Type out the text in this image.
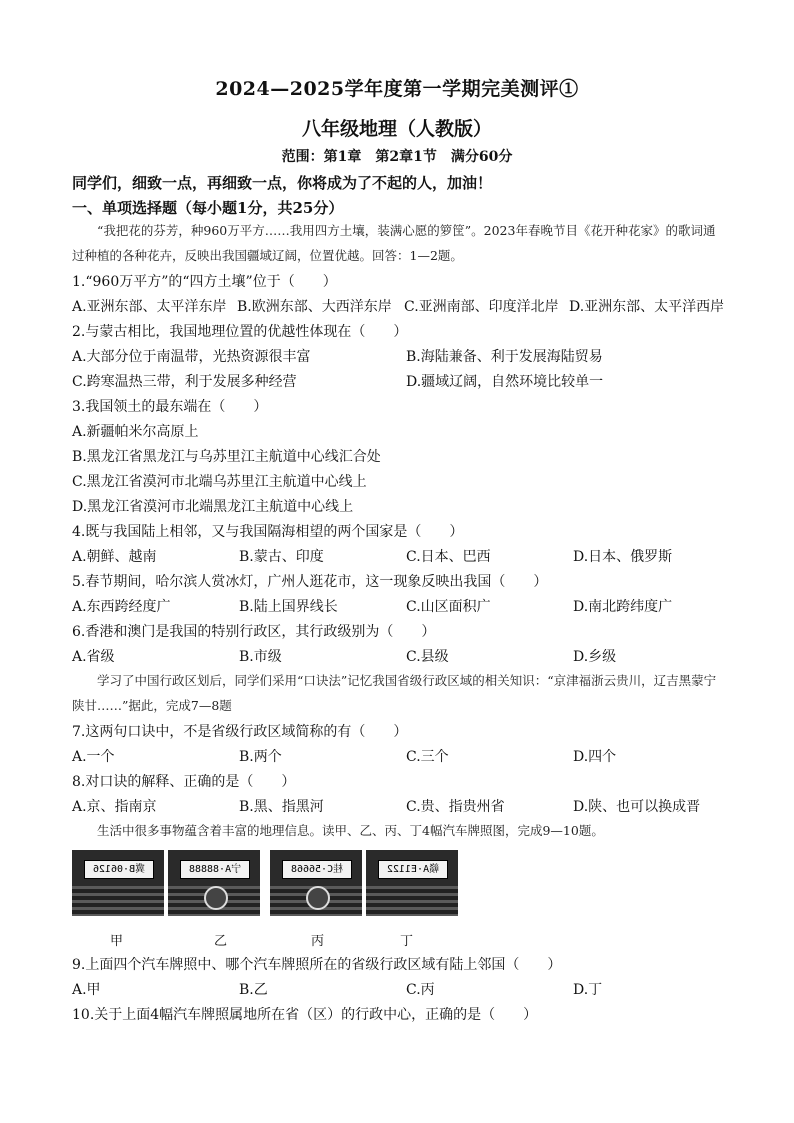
2024—2025学年度第一学期完美测评①
八年级地理（人教版）
范围：第1章　第2章1节　满分60分
同学们，细致一点，再细致一点，你将成为了不起的人，加油！
一、单项选择题（每小题1分，共25分）
“我把花的芬芳，种960万平方……我用四方土壤，装满心愿的箩筐”。2023年春晚节目《花开种花家》的歌词通过种植的各种花卉，反映出我国疆域辽阔，位置优越。回答：1—2题。
1.“960万平方”的“四方土壤”位于（　　）
A.亚洲东部、太平洋东岸 B.欧洲东部、大西洋东岸 C.亚洲南部、印度洋北岸 D.亚洲东部、太平洋西岸
2.与蒙古相比，我国地理位置的优越性体现在（　　）
A.大部分位于南温带，光热资源很丰富	B.海陆兼备、利于发展海陆贸易
C.跨寒温热三带，利于发展多种经营	D.疆域辽阔，自然环境比较单一
3.我国领土的最东端在（　　）
A.新疆帕米尔高原上
B.黑龙江省黑龙江与乌苏里江主航道中心线汇合处
C.黑龙江省漠河市北端乌苏里江主航道中心线上
D.黑龙江省漠河市北端黑龙江主航道中心线上
4.既与我国陆上相邻，又与我国隔海相望的两个国家是（　　）
A.朝鲜、越南	B.蒙古、印度	C.日本、巴西	D.日本、俄罗斯
5.春节期间，哈尔滨人赏冰灯，广州人逛花市，这一现象反映出我国（　　）
A.东西跨经度广	B.陆上国界线长	C.山区面积广	D.南北跨纬度广
6.香港和澳门是我国的特别行政区，其行政级别为（　　）
A.省级	B.市级	C.县级	D.乡级
学习了中国行政区划后，同学们采用“口诀法”记忆我国省级行政区域的相关知识：“京津福浙云贵川，辽吉黑蒙宁陕甘……”据此，完成7—8题
7.这两句口诀中，不是省级行政区域简称的有（　　）
A.一个	B.两个	C.三个	D.四个
8.对口诀的解释、正确的是（　　）
A.京、指南京	B.黑、指黑河	C.贵、指贵州省	D.陕、也可以换成晋
生活中很多事物蕴含着丰富的地理信息。读甲、乙、丙、丁4幅汽车牌照图，完成9—10题。
冀B·06126	宁A·88888	桂C·56668	赣A·E1122
甲	乙	丙	丁
9.上面四个汽车牌照中、哪个汽车牌照所在的省级行政区域有陆上邻国（　　）
A.甲	B.乙	C.丙	D.丁
10.关于上面4幅汽车牌照属地所在省（区）的行政中心，正确的是（　　）
